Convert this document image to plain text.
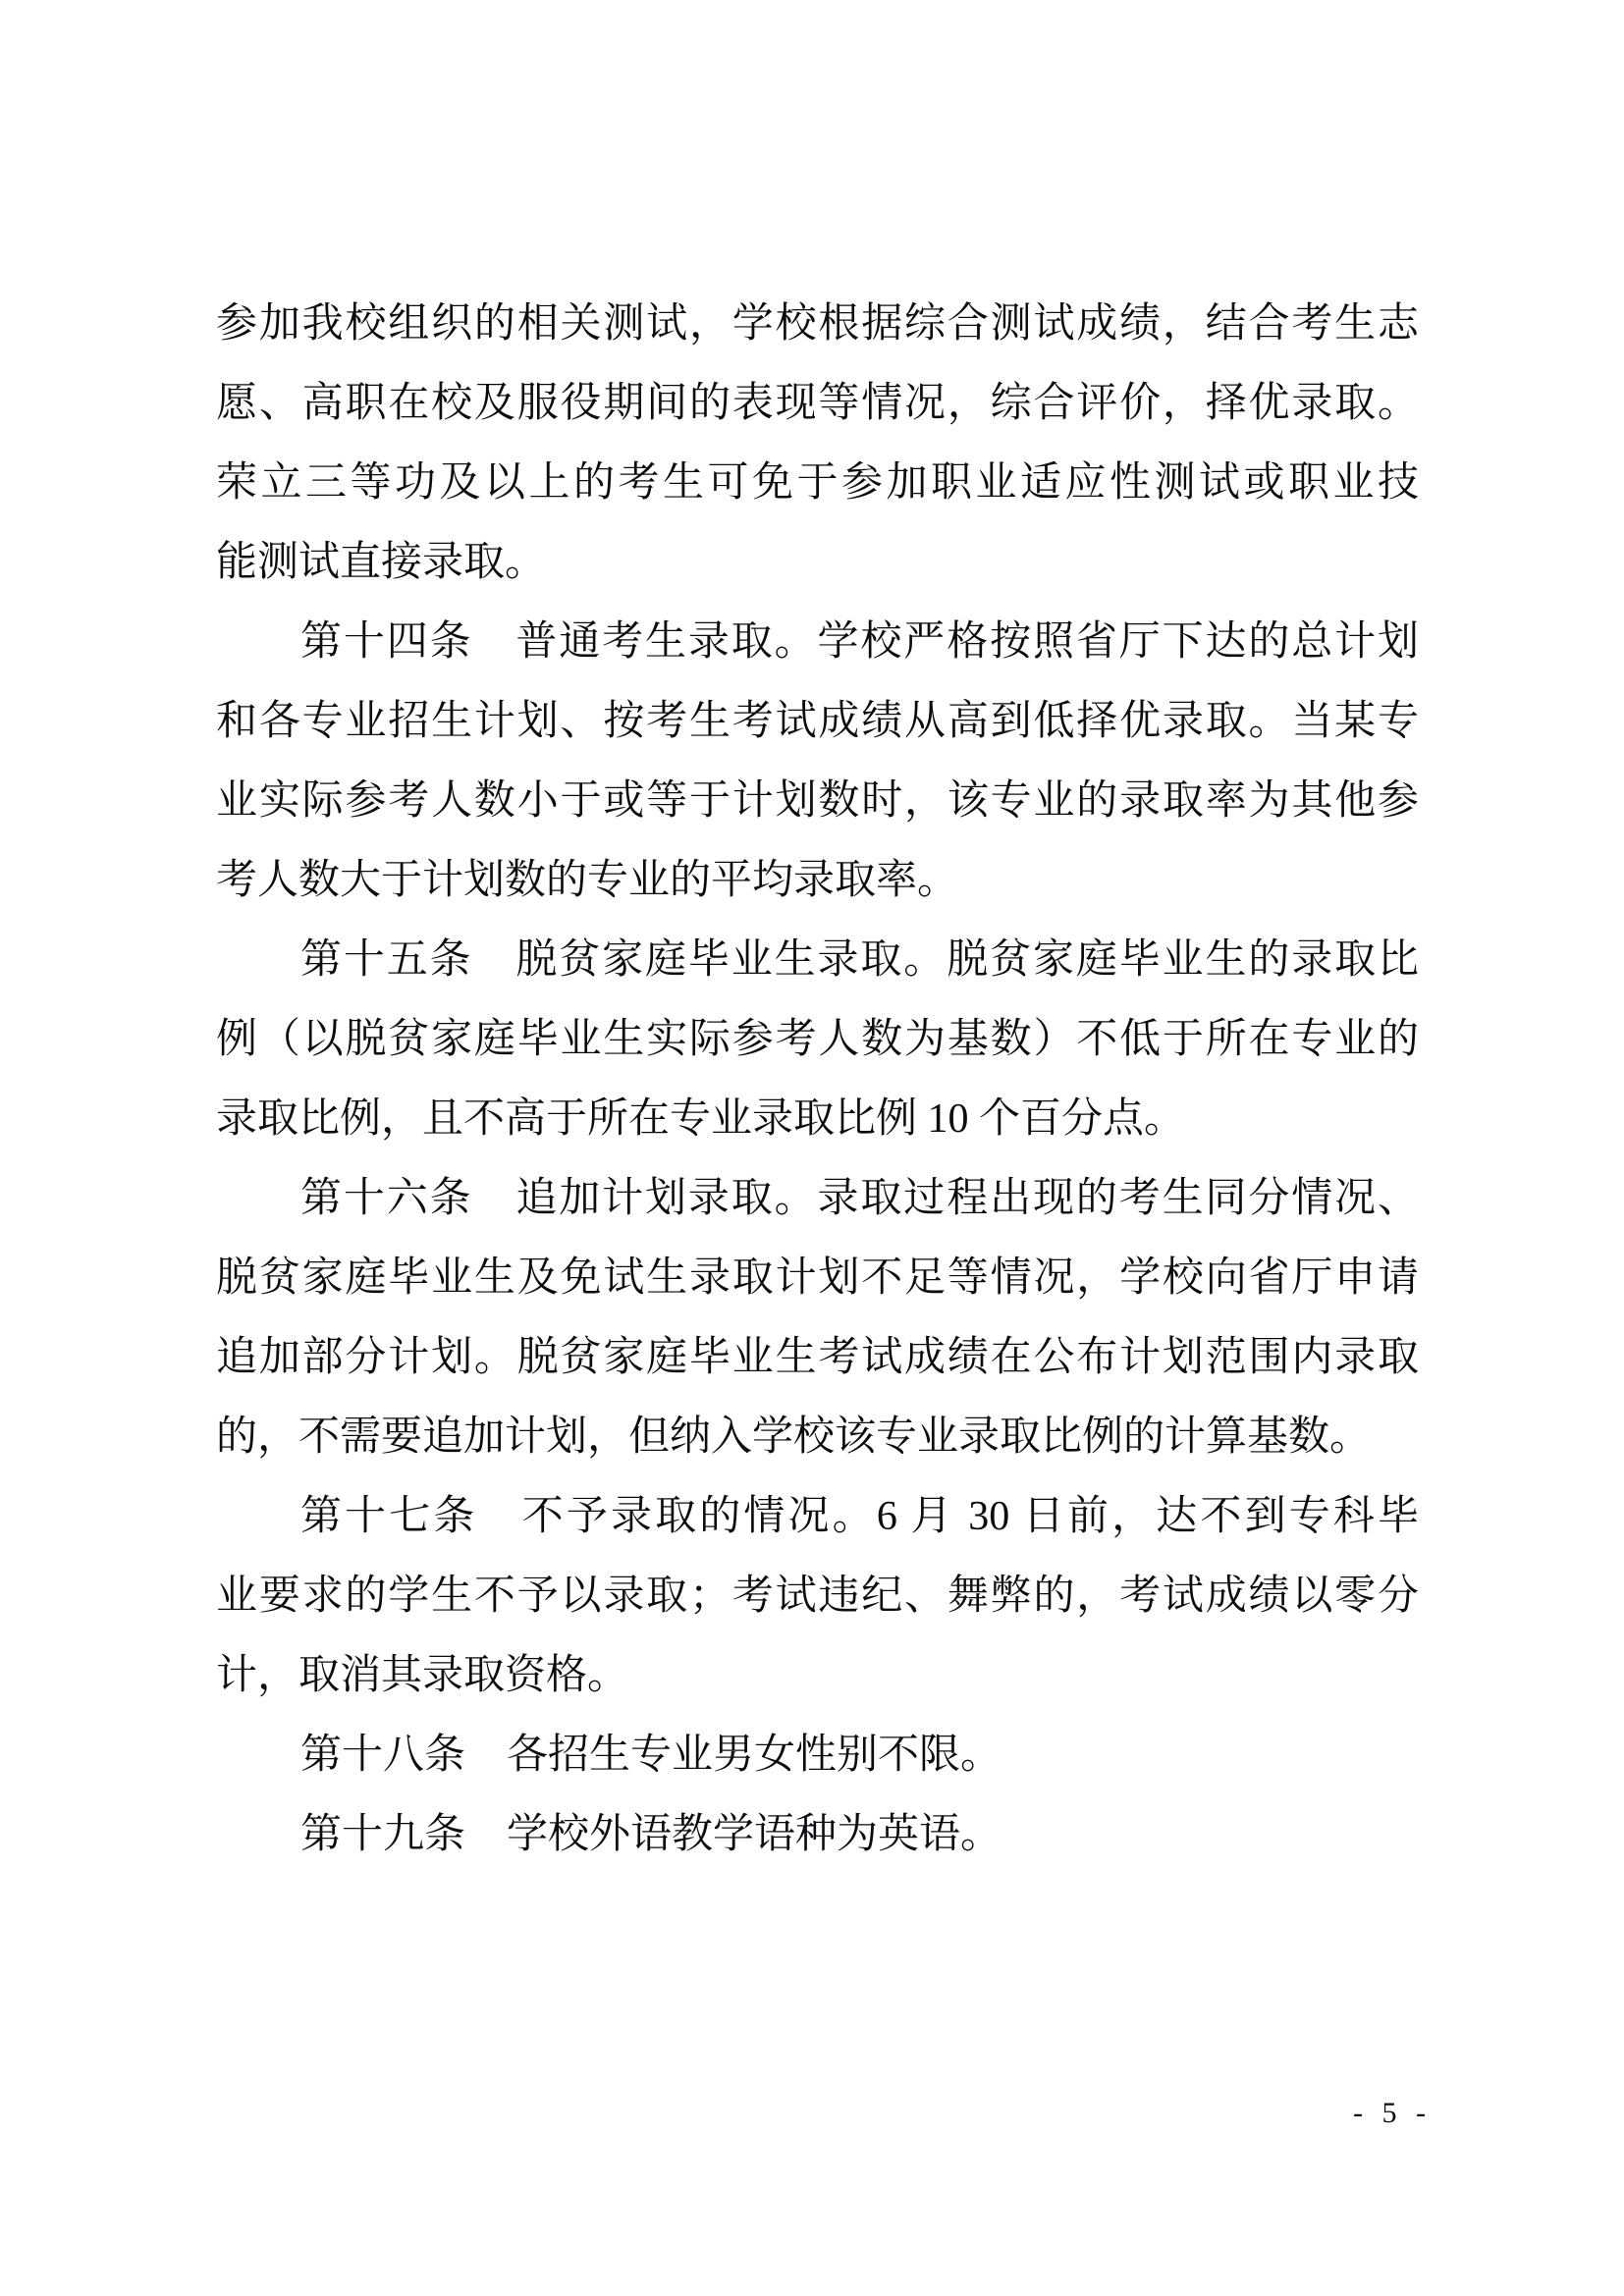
参加我校组织的相关测试，学校根据综合测试成绩，结合考生志
愿、高职在校及服役期间的表现等情况，综合评价，择优录取。
荣立三等功及以上的考生可免于参加职业适应性测试或职业技
能测试直接录取。
第十四条　普通考生录取。学校严格按照省厅下达的总计划
和各专业招生计划、按考生考试成绩从高到低择优录取。当某专
业实际参考人数小于或等于计划数时，该专业的录取率为其他参
考人数大于计划数的专业的平均录取率。
第十五条　脱贫家庭毕业生录取。脱贫家庭毕业生的录取比
例（以脱贫家庭毕业生实际参考人数为基数）不低于所在专业的
录取比例，且不高于所在专业录取比例 10 个百分点。
第十六条　追加计划录取。录取过程出现的考生同分情况、
脱贫家庭毕业生及免试生录取计划不足等情况，学校向省厅申请
追加部分计划。脱贫家庭毕业生考试成绩在公布计划范围内录取
的，不需要追加计划，但纳入学校该专业录取比例的计算基数。
第十七条　不予录取的情况。6 月 30 日前，达不到专科毕
业要求的学生不予以录取；考试违纪、舞弊的，考试成绩以零分
计，取消其录取资格。
第十八条　各招生专业男女性别不限。
第十九条　学校外语教学语种为英语。
- 5 -
